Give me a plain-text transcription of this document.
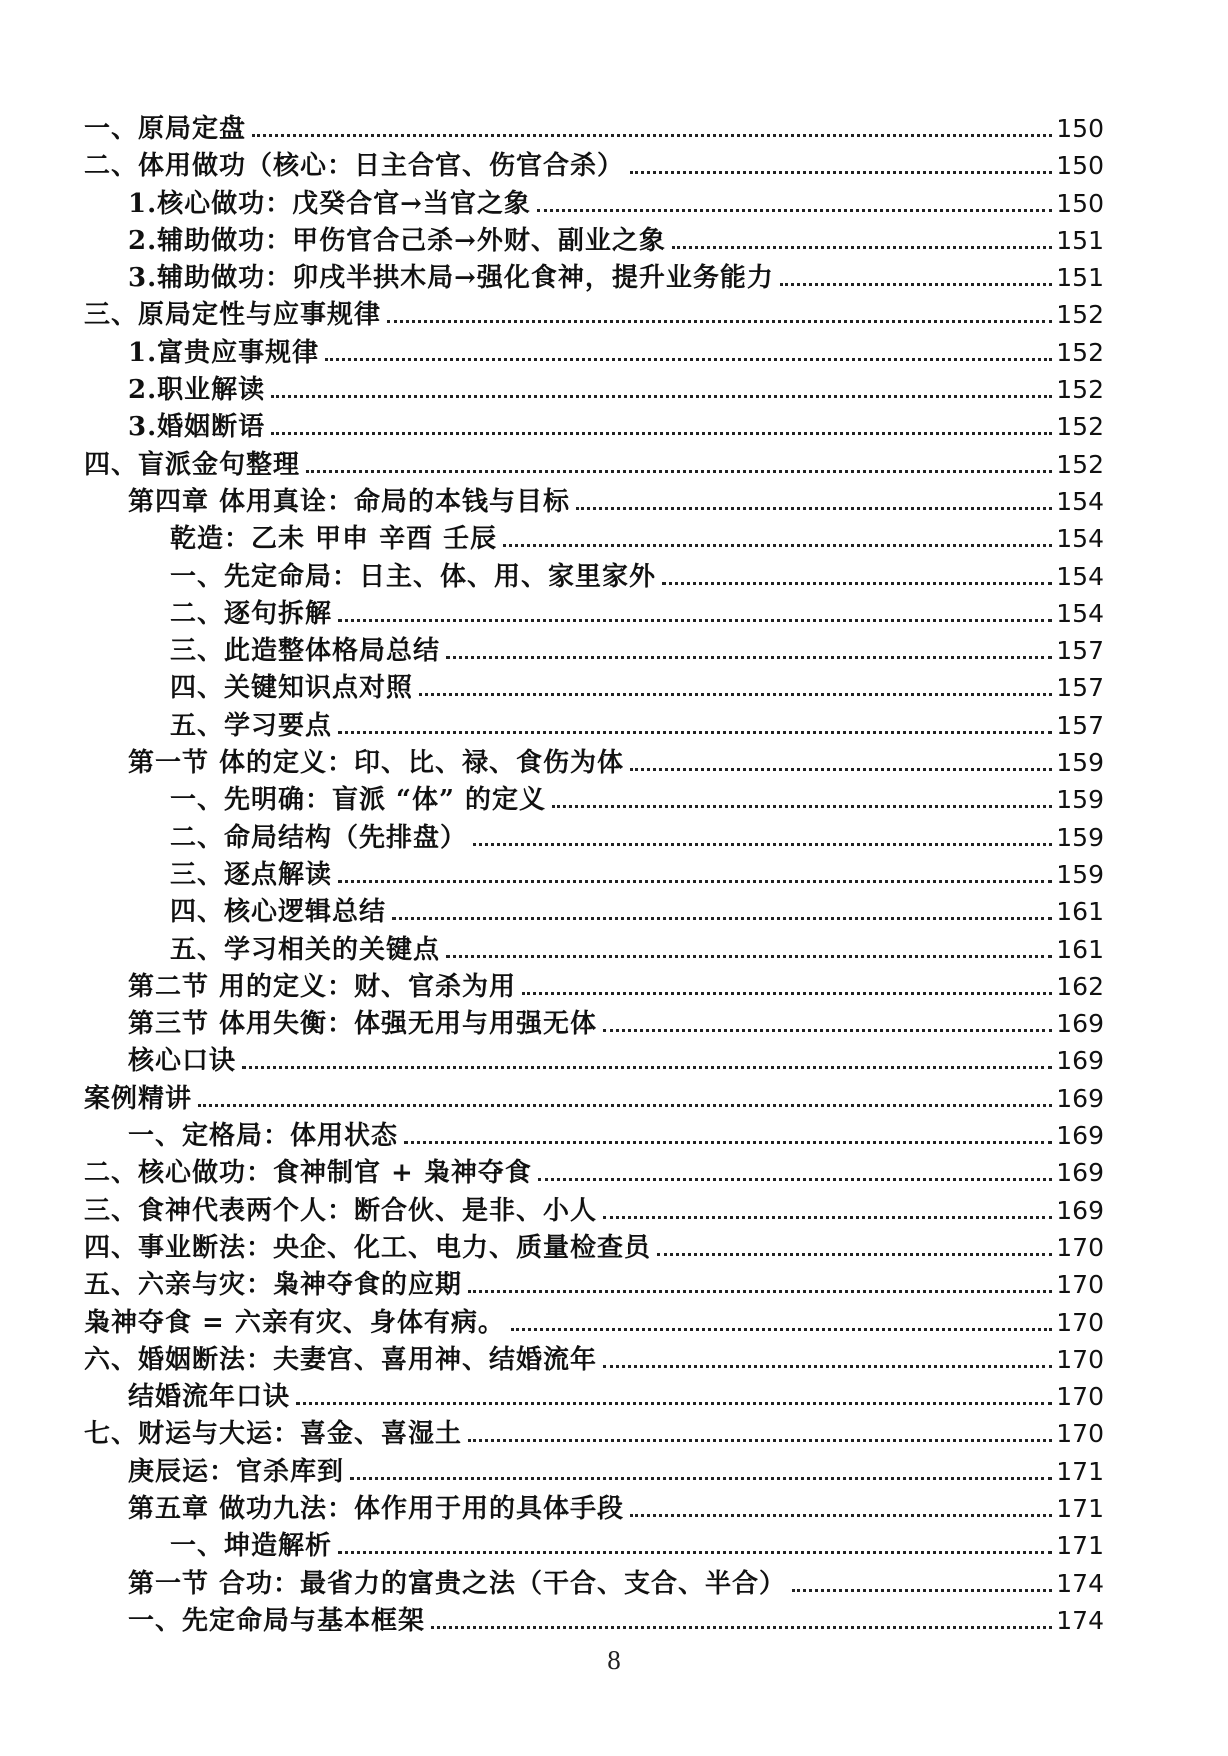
一、原局定盘	150
二、体用做功（核心：日主合官、伤官合杀）	150
1.核心做功：戊癸合官→当官之象	150
2.辅助做功：甲伤官合己杀→外财、副业之象	151
3.辅助做功：卯戌半拱木局→强化食神，提升业务能力	151
三、原局定性与应事规律	152
1.富贵应事规律	152
2.职业解读	152
3.婚姻断语	152
四、盲派金句整理	152
第四章 体用真诠：命局的本钱与目标	154
乾造：乙未 甲申 辛酉 壬辰	154
一、先定命局：日主、体、用、家里家外	154
二、逐句拆解	154
三、此造整体格局总结	157
四、关键知识点对照	157
五、学习要点	157
第一节 体的定义：印、比、禄、食伤为体	159
一、先明确：盲派 “体” 的定义	159
二、命局结构（先排盘）	159
三、逐点解读	159
四、核心逻辑总结	161
五、学习相关的关键点	161
第二节 用的定义：财、官杀为用	162
第三节 体用失衡：体强无用与用强无体	169
核心口诀	169
案例精讲	169
一、定格局：体用状态	169
二、核心做功：食神制官 + 枭神夺食	169
三、食神代表两个人：断合伙、是非、小人	169
四、事业断法：央企、化工、电力、质量检查员	170
五、六亲与灾：枭神夺食的应期	170
枭神夺食 = 六亲有灾、身体有病。	170
六、婚姻断法：夫妻宫、喜用神、结婚流年	170
结婚流年口诀	170
七、财运与大运：喜金、喜湿土	170
庚辰运：官杀库到	171
第五章 做功九法：体作用于用的具体手段	171
一、坤造解析	171
第一节 合功：最省力的富贵之法（干合、支合、半合）	174
一、先定命局与基本框架	174
8
